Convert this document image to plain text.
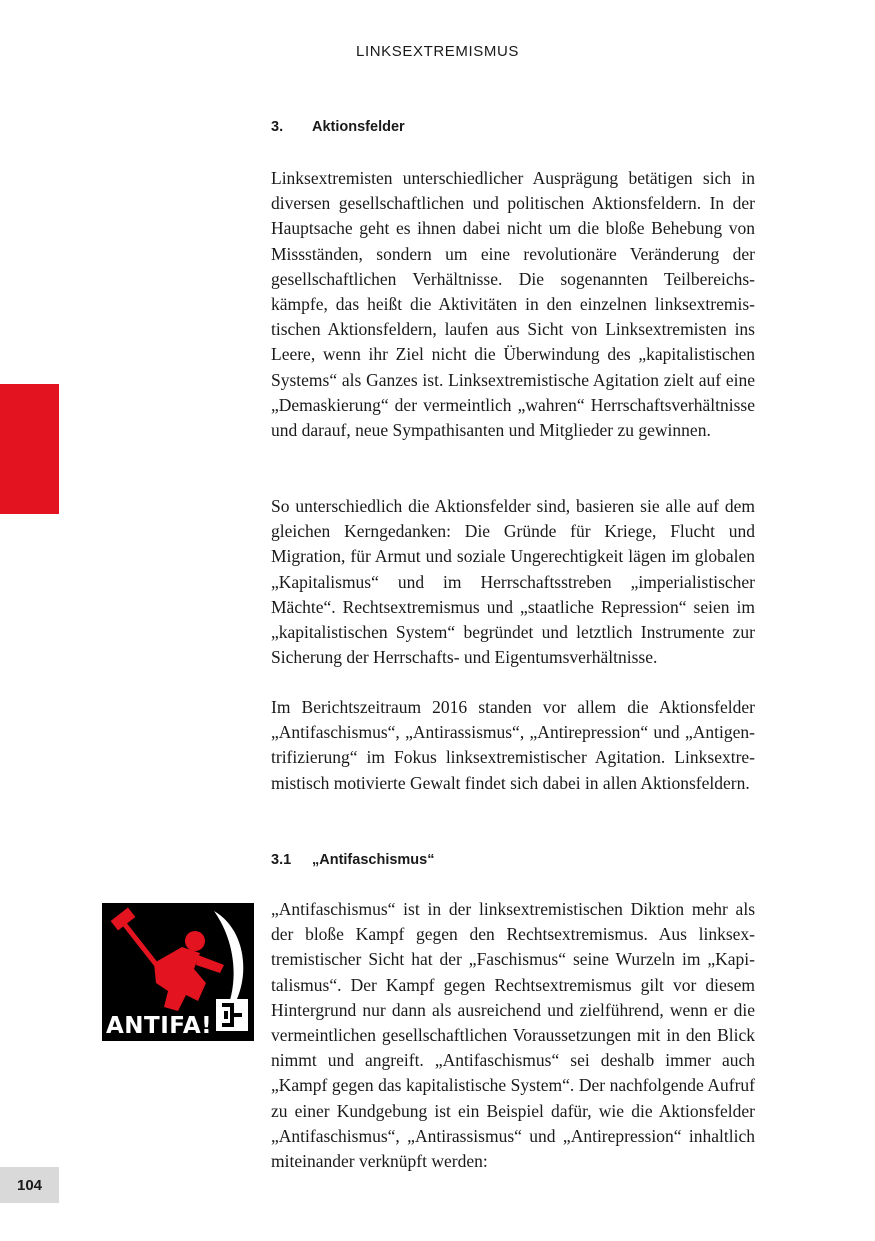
LINKSEXTREMISMUS
3.	Aktionsfelder

Linksextremisten unterschiedlicher Ausprägung betätigen sich in diversen gesellschaftlichen und politischen Aktionsfeldern. In der Hauptsache geht es ihnen dabei nicht um die bloße Behebung von Missständen, sondern um eine revolutionäre Veränderung der gesellschaftlichen Verhältnisse. Die sogenannten Teilbereichskämpfe, das heißt die Aktivitäten in den einzelnen linksextremistischen Aktionsfeldern, laufen aus Sicht von Linksextremisten ins Leere, wenn ihr Ziel nicht die Überwindung des „kapitalistischen Systems“ als Ganzes ist. Linksextremistische Agitation zielt auf eine „Demaskierung“ der vermeintlich „wahren“ Herrschaftsverhältnisse und darauf, neue Sympathisanten und Mitglieder zu gewinnen.

So unterschiedlich die Aktionsfelder sind, basieren sie alle auf dem gleichen Kerngedanken: Die Gründe für Kriege, Flucht und Migration, für Armut und soziale Ungerechtigkeit lägen im globalen „Kapitalismus“ und im Herrschaftsstreben „imperialistischer Mächte“. Rechtsextremismus und „staatliche Repression“ seien im „kapitalistischen System“ begründet und letztlich Instrumente zur Sicherung der Herrschafts- und Eigentumsverhältnisse.

Im Berichtszeitraum 2016 standen vor allem die Aktionsfelder „Antifaschismus“, „Antirassismus“, „Antirepression“ und „Antigentrifizierung“ im Fokus linksextremistischer Agitation. Linksextremistisch motivierte Gewalt findet sich dabei in allen Aktionsfeldern.

3.1	„Antifaschismus“
ANTIFA!

„Antifaschismus“ ist in der linksextremistischen Diktion mehr als der bloße Kampf gegen den Rechtsextremismus. Aus linksextremistischer Sicht hat der „Faschismus“ seine Wurzeln im „Kapitalismus“. Der Kampf gegen Rechtsextremismus gilt vor diesem Hintergrund nur dann als ausreichend und zielführend, wenn er die vermeintlichen gesellschaftlichen Voraussetzungen mit in den Blick nimmt und angreift. „Antifaschismus“ sei deshalb immer auch „Kampf gegen das kapitalistische System“. Der nachfolgende Aufruf zu einer Kundgebung ist ein Beispiel dafür, wie die Aktionsfelder „Antifaschismus“, „Antirassismus“ und „Antirepression“ inhaltlich miteinander verknüpft werden:

104
